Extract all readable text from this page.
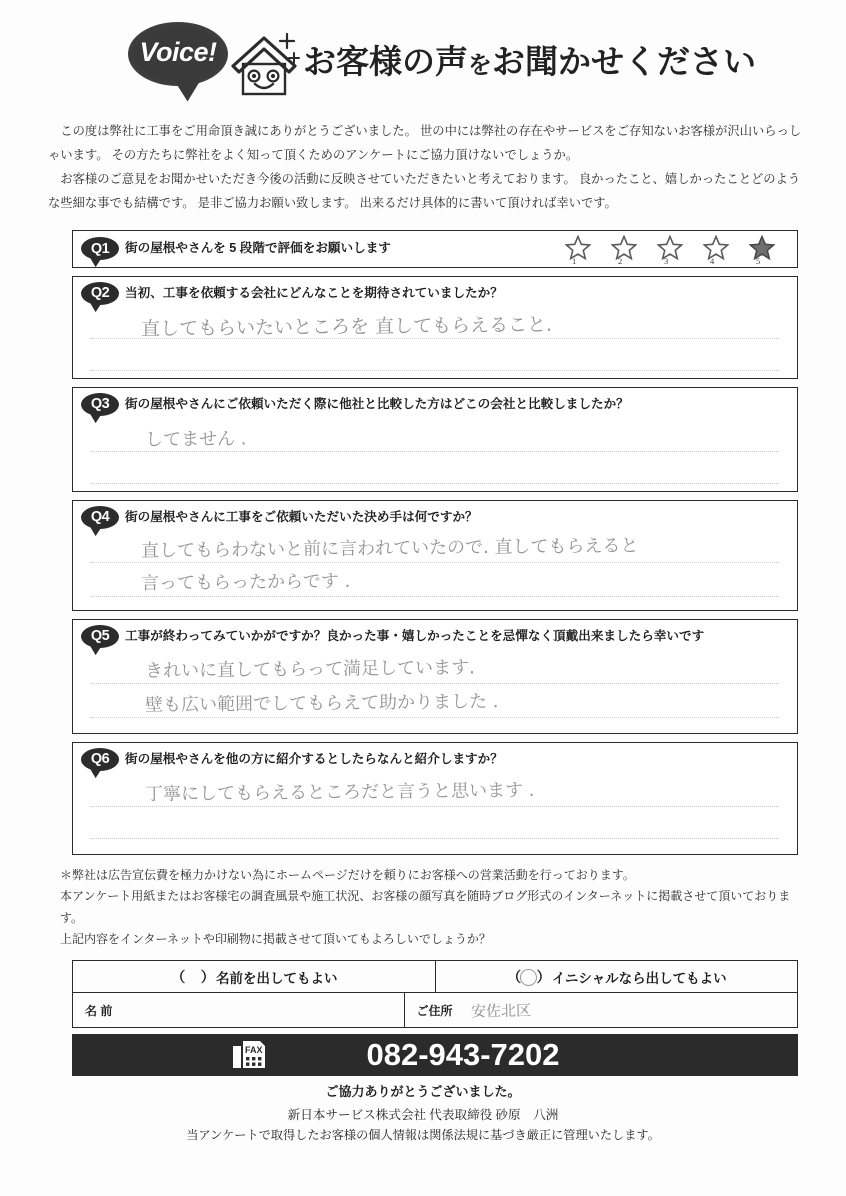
Voice!	お客様の声をお聞かせください

この度は弊社に工事をご用命頂き誠にありがとうございました。 世の中には弊社の存在やサービスをご存知ないお客様が沢山いらっしゃいます。 その方たちに弊社をよく知って頂くためのアンケートにご協力頂けないでしょうか。

お客様のご意見をお聞かせいただき今後の活動に反映させていただきたいと考えております。 良かったこと、嬉しかったことどのような些細な事でも結構です。 是非ご協力お願い致します。 出来るだけ具体的に書いて頂ければ幸いです。

Q1	街の屋根やさんを 5 段階で評価をお願いします
1	2	3	4	5
Q2	当初、工事を依頼する会社にどんなことを期待されていましたか？
直してもらいたいところを 直してもらえること.
Q3	街の屋根やさんにご依頼いただく際に他社と比較した方はどこの会社と比較しましたか？
してません .
Q4	街の屋根やさんに工事をご依頼いただいた決め手は何ですか？
直してもらわないと前に言われていたので. 直してもらえると
言ってもらったからです .
Q5	工事が終わってみていかがですか？良かった事・嬉しかったことを忌憚なく頂戴出来ましたら幸いです
きれいに直してもらって満足しています.
壁も広い範囲でしてもらえて助かりました .
Q6	街の屋根やさんを他の方に紹介するとしたらなんと紹介しますか？
丁寧にしてもらえるところだと言うと思います .

＊弊社は広告宣伝費を極力かけない為にホームページだけを頼りにお客様への営業活動を行っております。

本アンケート用紙またはお客様宅の調査風景や施工状況、お客様の顔写真を随時ブログ形式のインターネットに掲載させて頂いております。

上記内容をインターネットや印刷物に掲載させて頂いてもよろしいでしょうか？

（    ） 名前を出してもよい	（    ） イニシャルなら出してもよい
名 前	ご住所 安佐北区
FAX	082-943-7202
ご協力ありがとうございました。
新日本サービス株式会社 代表取締役 砂原　八洲
当アンケートで取得したお客様の個人情報は関係法規に基づき厳正に管理いたします。
